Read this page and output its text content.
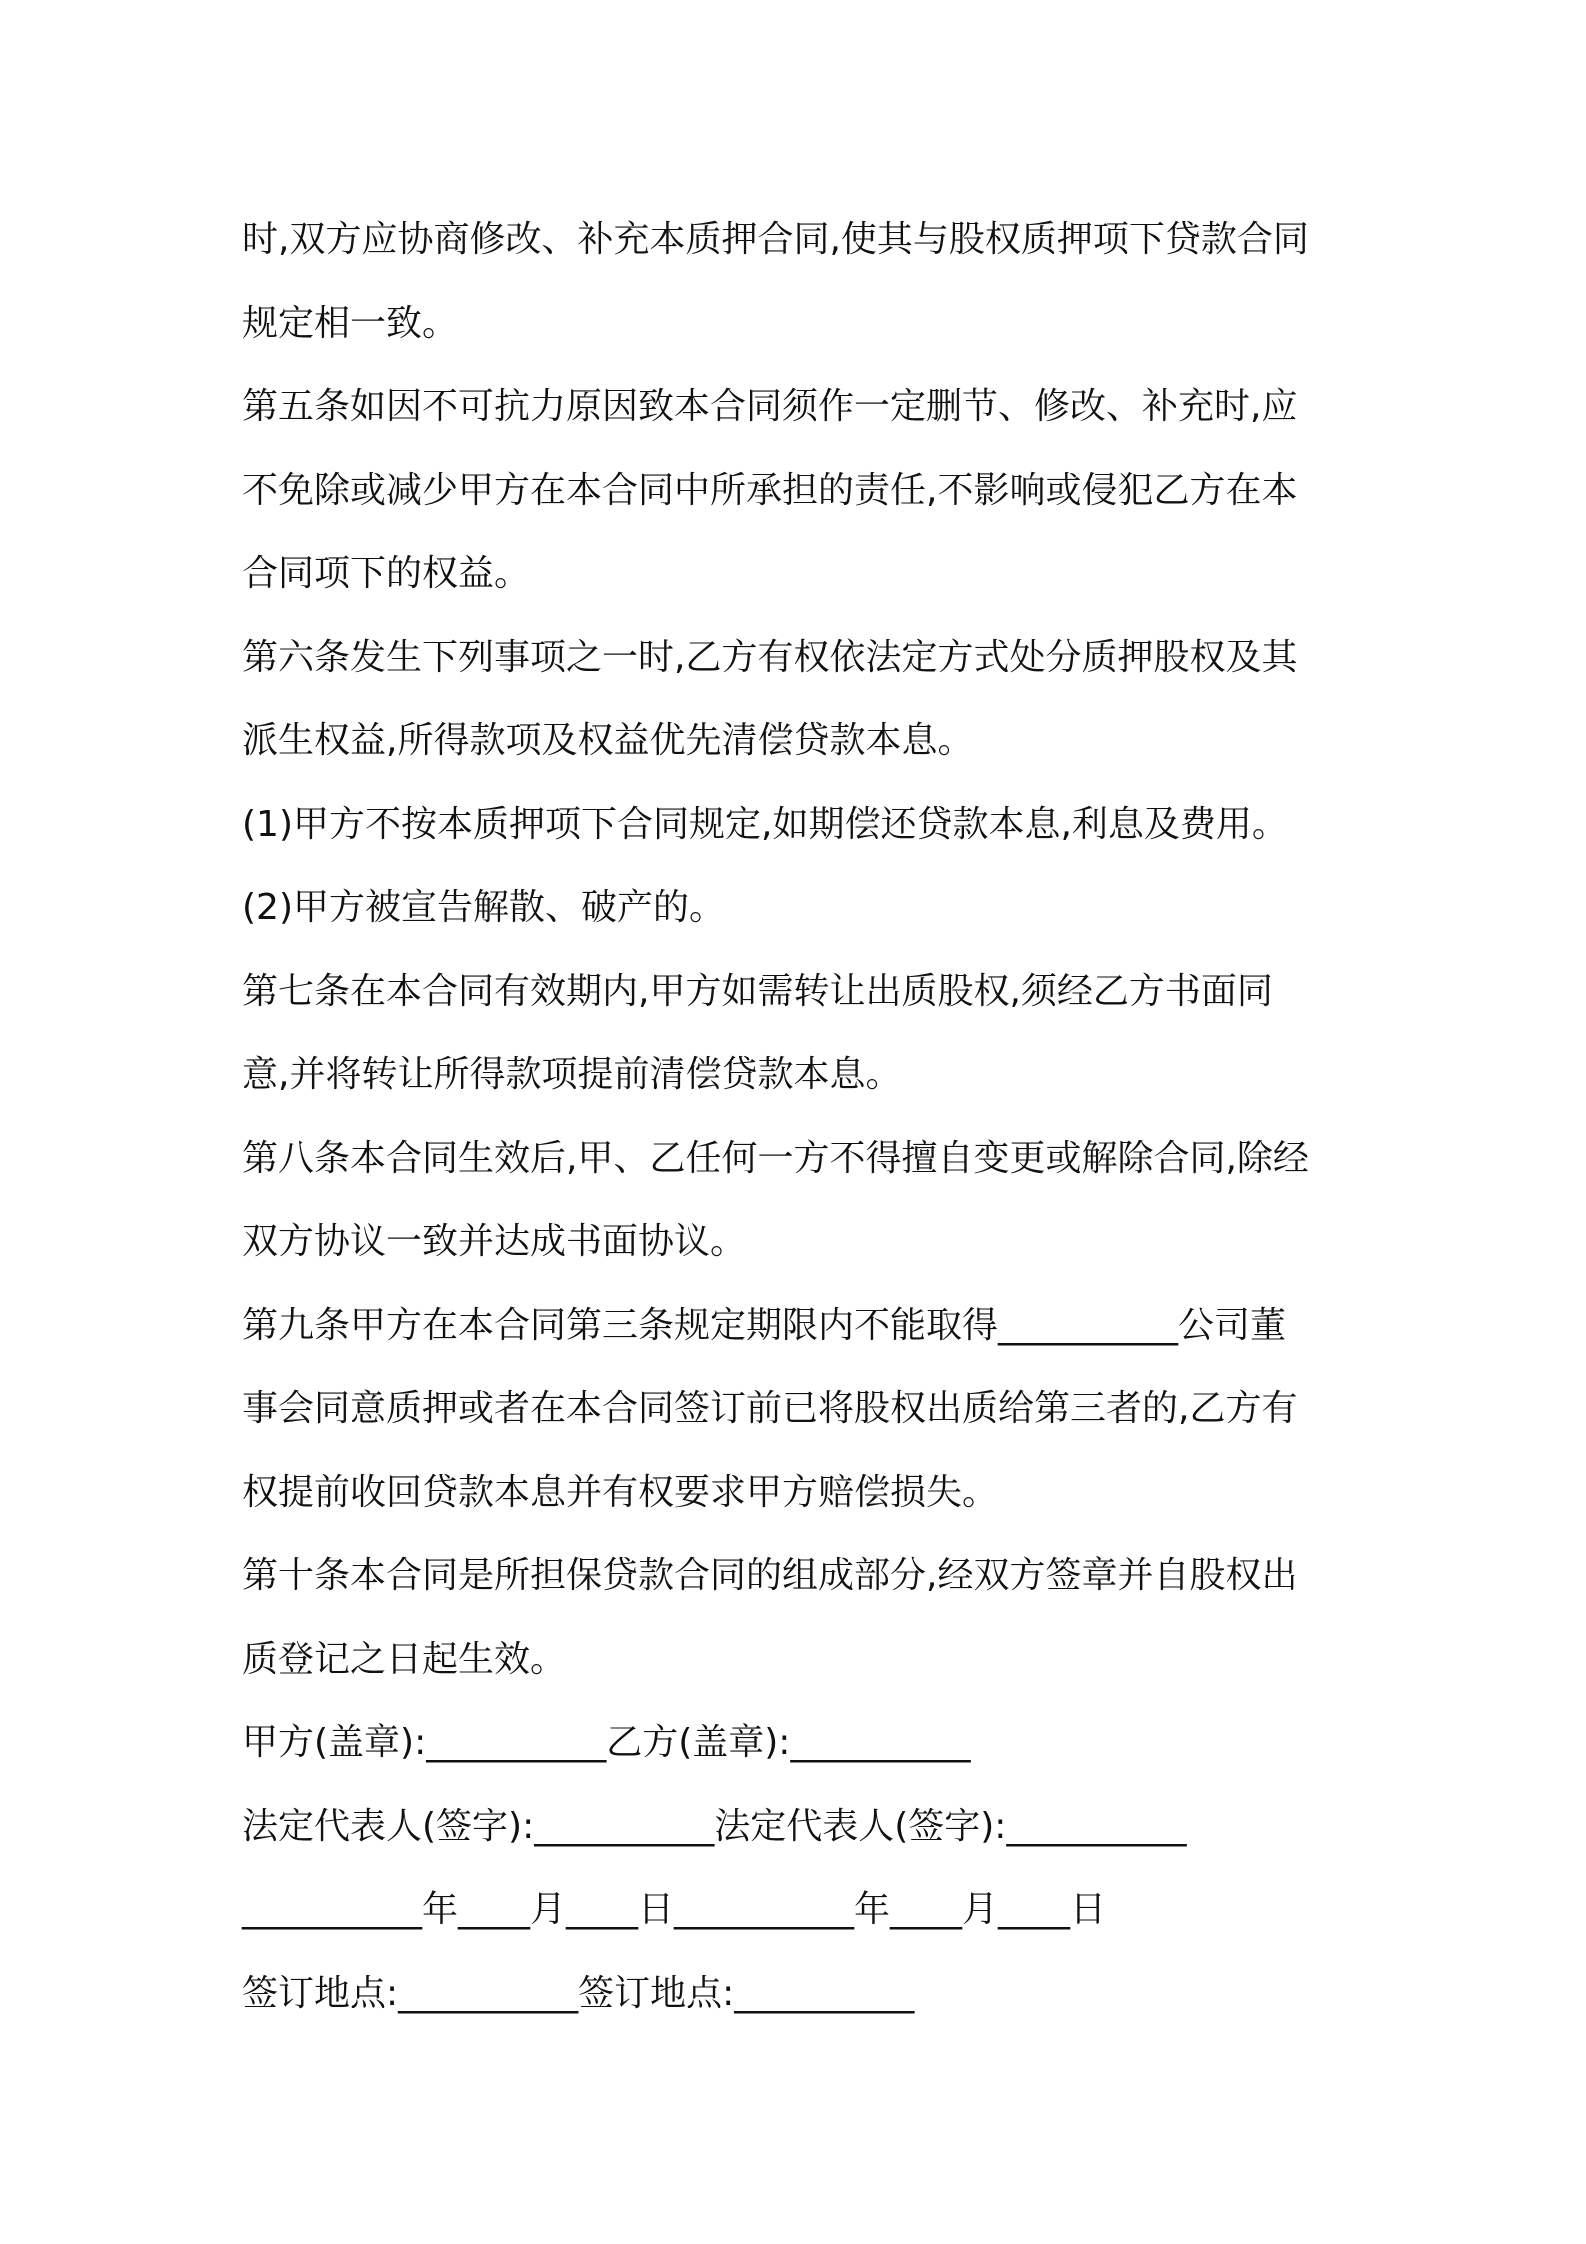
时,双方应协商修改、补充本质押合同,使其与股权质押项下贷款合同
规定相一致。
第五条如因不可抗力原因致本合同须作一定删节、修改、补充时,应
不免除或减少甲方在本合同中所承担的责任,不影响或侵犯乙方在本
合同项下的权益。
第六条发生下列事项之一时,乙方有权依法定方式处分质押股权及其
派生权益,所得款项及权益优先清偿贷款本息。
(1)甲方不按本质押项下合同规定,如期偿还贷款本息,利息及费用。
(2)甲方被宣告解散、破产的。
第七条在本合同有效期内,甲方如需转让出质股权,须经乙方书面同
意,并将转让所得款项提前清偿贷款本息。
第八条本合同生效后,甲、乙任何一方不得擅自变更或解除合同,除经
双方协议一致并达成书面协议。
第九条甲方在本合同第三条规定期限内不能取得__________公司董
事会同意质押或者在本合同签订前已将股权出质给第三者的,乙方有
权提前收回贷款本息并有权要求甲方赔偿损失。
第十条本合同是所担保贷款合同的组成部分,经双方签章并自股权出
质登记之日起生效。
甲方(盖章):__________乙方(盖章):__________
法定代表人(签字):__________法定代表人(签字):__________
__________年____月____日__________年____月____日
签订地点:__________签订地点:__________
